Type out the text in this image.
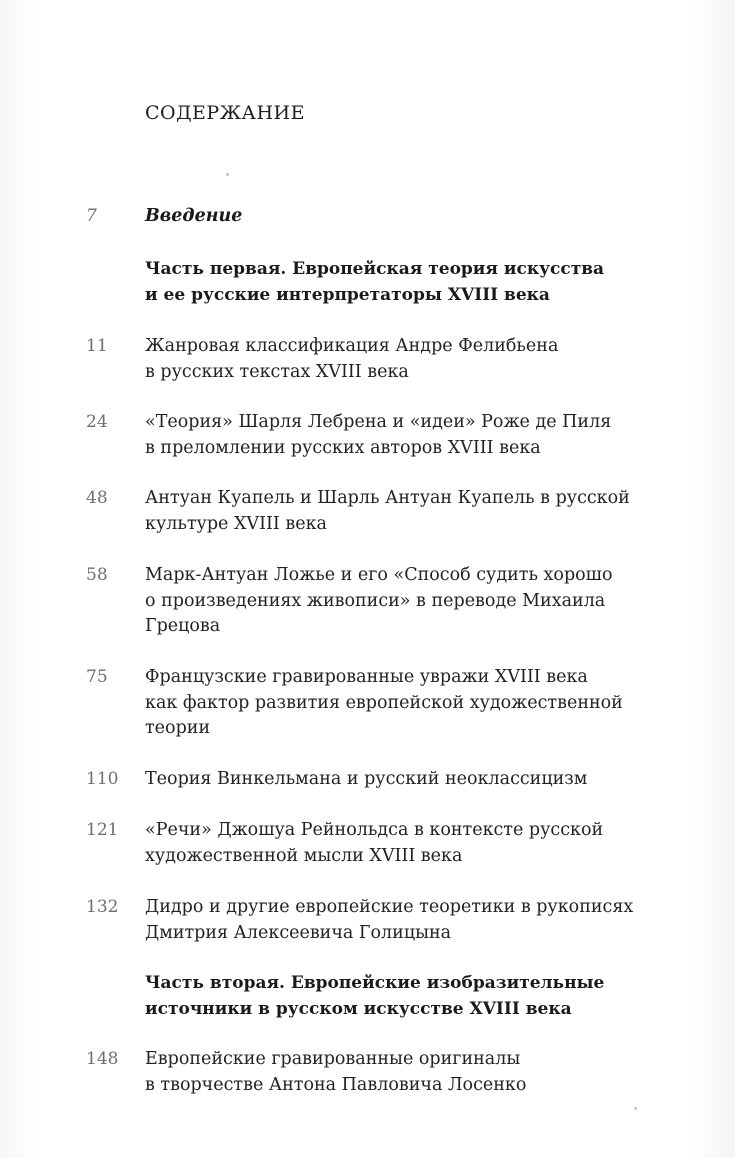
СОДЕРЖАНИЕ
7	Введение
Часть первая. Европейская теория искусства
и ее русские интерпретаторы XVIII века
11	Жанровая классификация Андре Фелибьена
в русских текстах XVIII века
24	«Теория» Шарля Лебрена и «идеи» Роже де Пиля
в преломлении русских авторов XVIII века
48	Антуан Куапель и Шарль Антуан Куапель в русской
культуре XVIII века
58	Марк-Антуан Ложье и его «Способ судить хорошо
о произведениях живописи» в переводе Михаила
Грецова
75	Французские гравированные увражи XVIII века
как фактор развития европейской художественной
теории
110	Теория Винкельмана и русский неоклассицизм
121	«Речи» Джошуа Рейнольдса в контексте русской
художественной мысли XVIII века
132	Дидро и другие европейские теоретики в рукописях
Дмитрия Алексеевича Голицына
Часть вторая. Европейские изобразительные
источники в русском искусстве XVIII века
148	Европейские гравированные оригиналы
в творчестве Антона Павловича Лосенко
